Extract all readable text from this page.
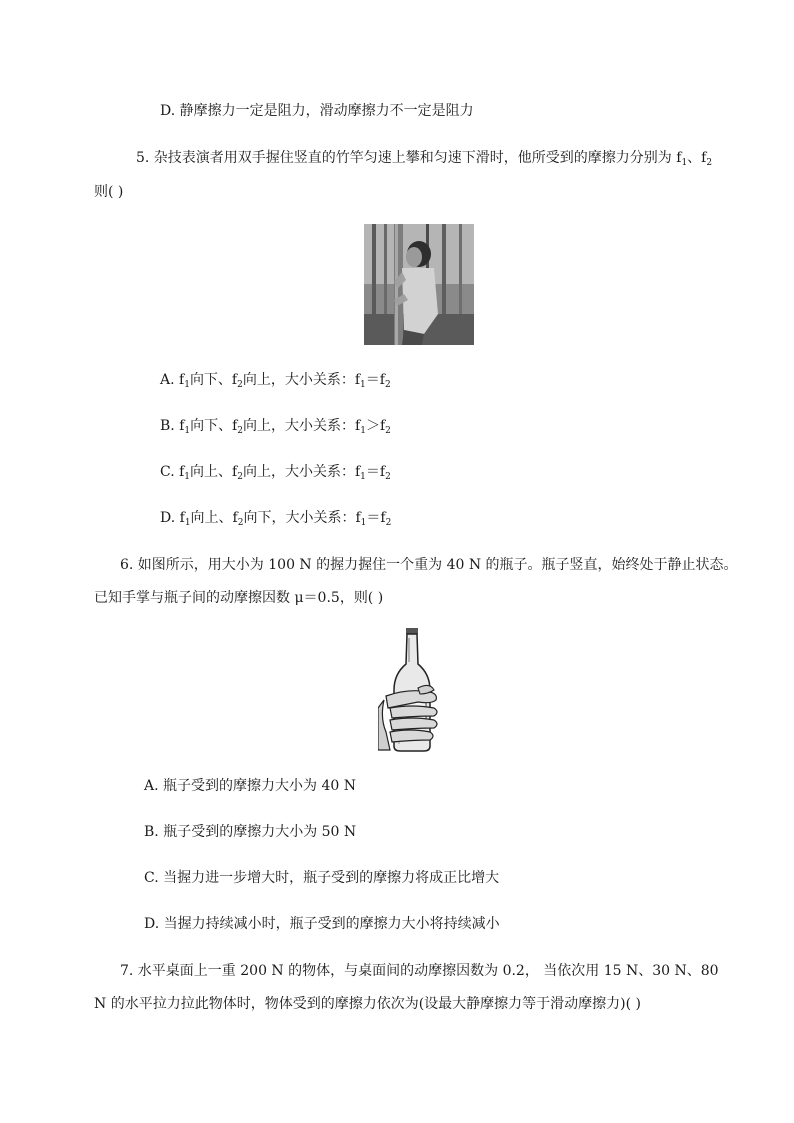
D. 静摩擦力一定是阻力，滑动摩擦力不一定是阻力
5. 杂技表演者用双手握住竖直的竹竿匀速上攀和匀速下滑时，他所受到的摩擦力分别为 $f_1$、$f_2$
则( )
A. $f_1$向下、$f_2$向上，大小关系：$f_1=f_2$
B. $f_1$向下、$f_2$向上，大小关系：$f_1>f_2$
C. $f_1$向上、$f_2$向上，大小关系：$f_1=f_2$
D. $f_1$向上、$f_2$向下，大小关系：$f_1=f_2$
6. 如图所示，用大小为 100 N 的握力握住一个重为 40 N 的瓶子。瓶子竖直，始终处于静止状态。
已知手掌与瓶子间的动摩擦因数 μ＝0.5，则( )
A. 瓶子受到的摩擦力大小为 40 N
B. 瓶子受到的摩擦力大小为 50 N
C. 当握力进一步增大时，瓶子受到的摩擦力将成正比增大
D. 当握力持续减小时，瓶子受到的摩擦力大小将持续减小
7. 水平桌面上一重 200 N 的物体，与桌面间的动摩擦因数为 0.2， 当依次用 15 N、30 N、80
N 的水平拉力拉此物体时，物体受到的摩擦力依次为(设最大静摩擦力等于滑动摩擦力)( )
